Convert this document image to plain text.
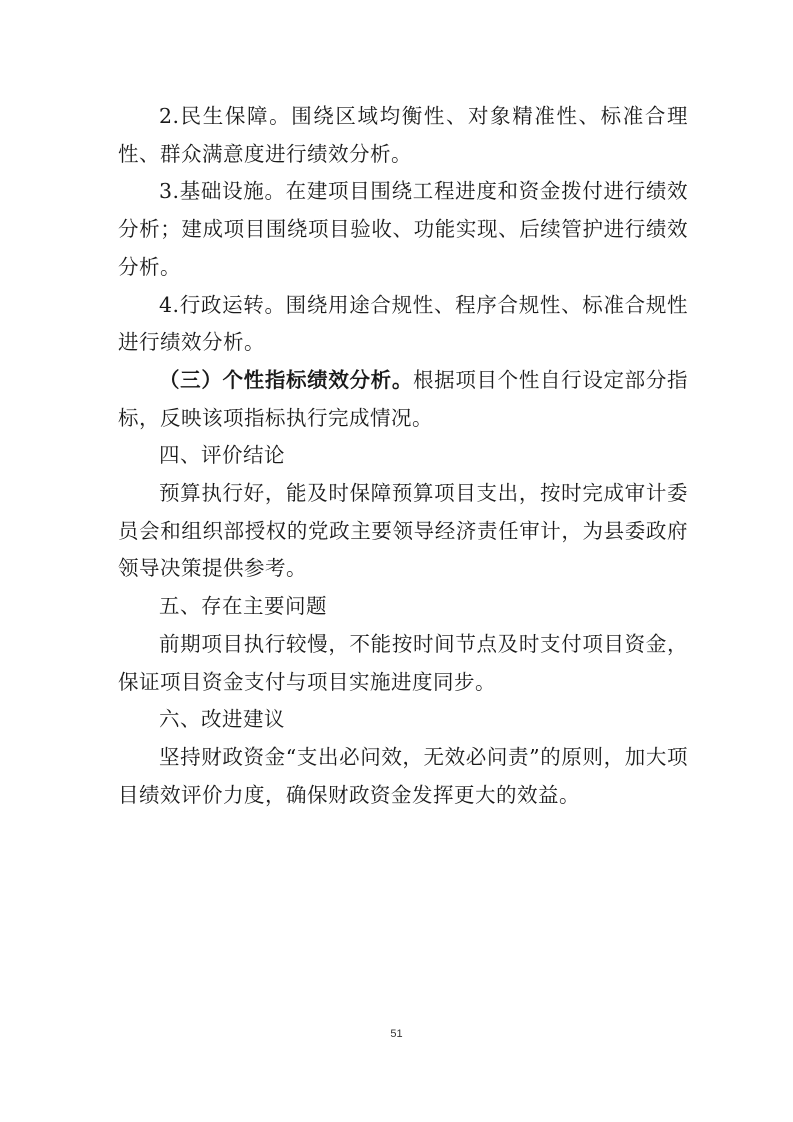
2.民生保障。围绕区域均衡性、对象精准性、标准合理性、群众满意度进行绩效分析。

3.基础设施。在建项目围绕工程进度和资金拨付进行绩效分析；建成项目围绕项目验收、功能实现、后续管护进行绩效分析。

4.行政运转。围绕用途合规性、程序合规性、标准合规性进行绩效分析。

（三）个性指标绩效分析。根据项目个性自行设定部分指标，反映该项指标执行完成情况。

四、评价结论

预算执行好，能及时保障预算项目支出，按时完成审计委员会和组织部授权的党政主要领导经济责任审计，为县委政府领导决策提供参考。

五、存在主要问题

前期项目执行较慢，不能按时间节点及时支付项目资金，保证项目资金支付与项目实施进度同步。

六、改进建议

坚持财政资金“支出必问效，无效必问责”的原则，加大项目绩效评价力度，确保财政资金发挥更大的效益。

51
